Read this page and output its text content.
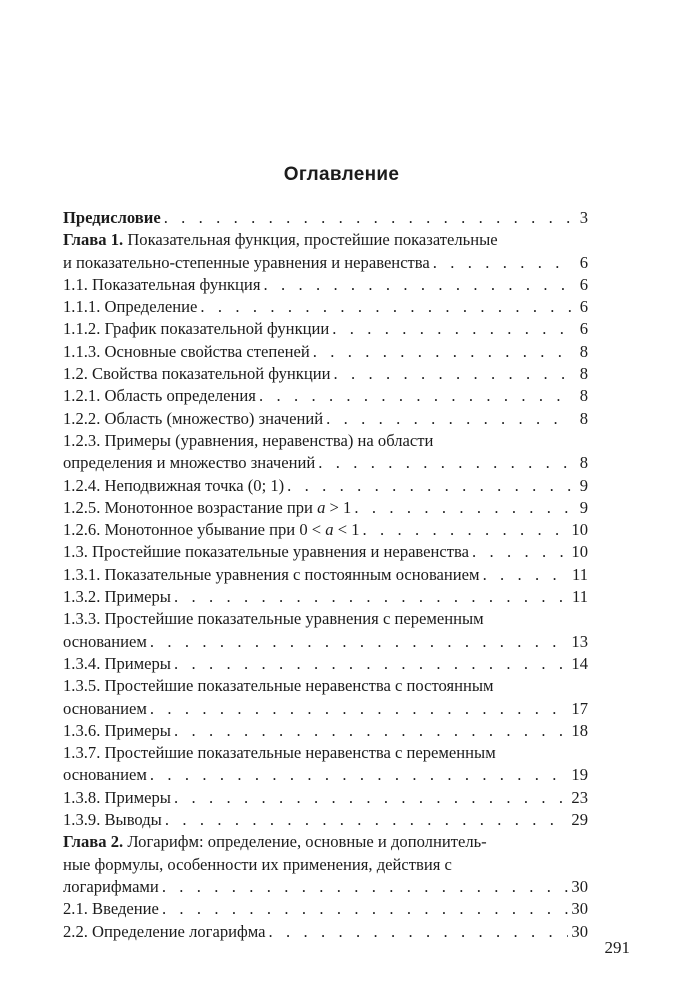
Оглавление
Предисловие . . .	3
Глава 1. Показательная функция, простейшие показательные
и показательно-степенные уравнения и неравенства . . .	6
1.1. Показательная функция . . .	6
1.1.1. Определение . . .	6
1.1.2. График показательной функции . . .	6
1.1.3. Основные свойства степеней . . .	8
1.2. Свойства показательной функции . . .	8
1.2.1. Область определения . . .	8
1.2.2. Область (множество) значений . . .	8
1.2.3. Примеры (уравнения, неравенства) на области
определения и множество значений . . .	8
1.2.4. Неподвижная точка (0; 1) . . .	9
1.2.5. Монотонное возрастание при a > 1 . . .	9
1.2.6. Монотонное убывание при 0 < a < 1 . . .	10
1.3. Простейшие показательные уравнения и неравенства . . .	10
1.3.1. Показательные уравнения с постоянным основанием . . .	11
1.3.2. Примеры . . .	11
1.3.3. Простейшие показательные уравнения с переменным
основанием . . .	13
1.3.4. Примеры . . .	14
1.3.5. Простейшие показательные неравенства с постоянным
основанием . . .	17
1.3.6. Примеры . . .	18
1.3.7. Простейшие показательные неравенства с переменным
основанием . . .	19
1.3.8. Примеры . . .	23
1.3.9. Выводы . . .	29
Глава 2. Логарифм: определение, основные и дополнитель-
ные формулы, особенности их применения, действия с
логарифмами . . .	30
2.1. Введение . . .	30
2.2. Определение логарифма . . .	30
291
